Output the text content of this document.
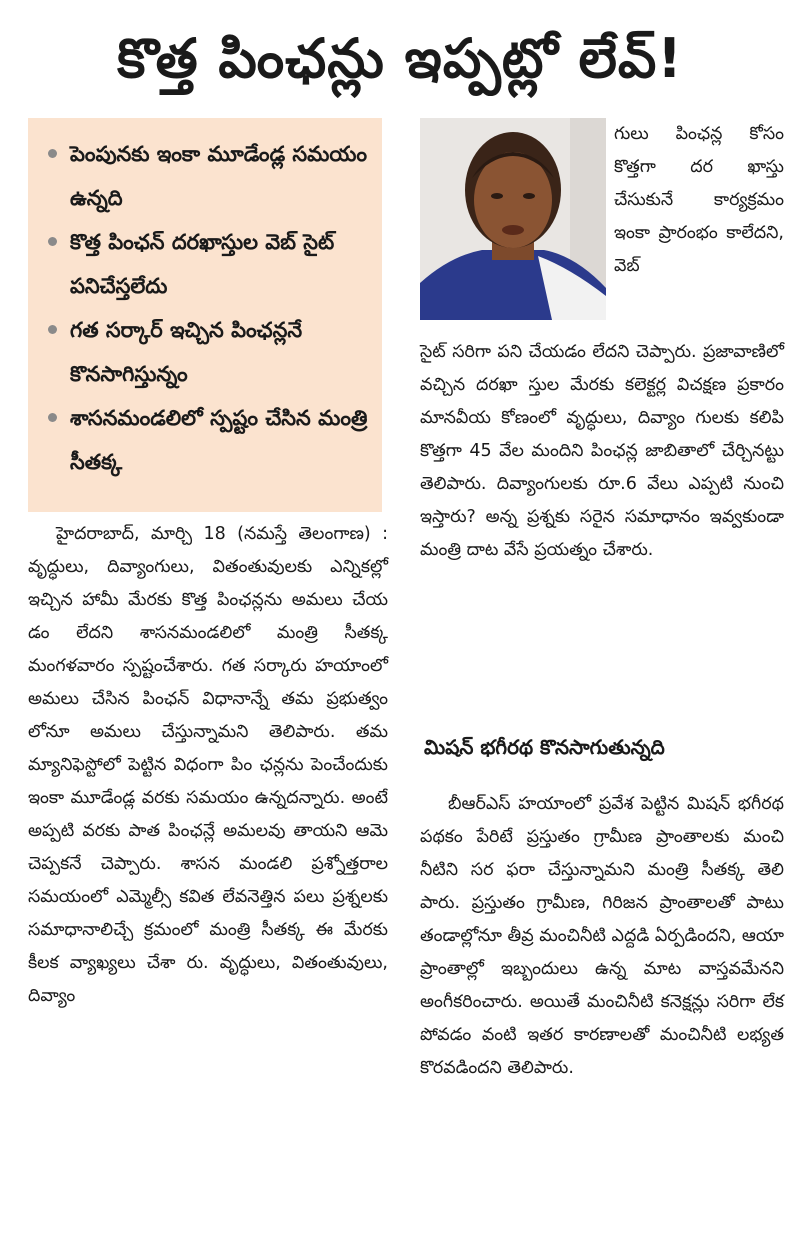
కొత్త పింఛన్లు ఇప్పట్లో లేవ్!
పెంపునకు ఇంకా మూడేండ్ల సమయం ఉన్నది
కొత్త పింఛన్ దరఖాస్తుల వెబ్ సైట్ పనిచేస్తలేదు
గత సర్కార్ ఇచ్చిన పింఛన్లనే కొనసాగిస్తున్నం
శాసనమండలిలో స్పష్టం చేసిన మంత్రి సీతక్క

హైదరాబాద్, మార్చి 18 (నమస్తే తెలంగాణ) : వృద్ధులు, దివ్యాంగులు, వితంతువులకు ఎన్నికల్లో ఇచ్చిన హామీ మేరకు కొత్త పింఛన్లను అమలు చేయ డం లేదని శాసనమండలిలో మంత్రి సీతక్క మంగళవారం స్పష్టంచేశారు. గత సర్కారు హయాంలో అమలు చేసిన పింఛన్ విధానాన్నే తమ ప్రభుత్వం లోనూ అమలు చేస్తున్నామని తెలిపారు. తమ మ్యానిఫెస్టోలో పెట్టిన విధంగా పిం ఛన్లను పెంచేందుకు ఇంకా మూడేండ్ల వరకు సమయం ఉన్నదన్నారు. అంటే అప్పటి వరకు పాత పింఛన్లే అమలవు తాయని ఆమె చెప్పకనే చెప్పారు. శాసన మండలి ప్రశ్నోత్తరాల సమయంలో ఎమ్మెల్సీ కవిత లేవనెత్తిన పలు ప్రశ్నలకు సమాధానాలిచ్చే క్రమంలో మంత్రి సీతక్క ఈ మేరకు కీలక వ్యాఖ్యలు చేశా రు. వృద్ధులు, వితంతువులు, దివ్యాం

గులు పింఛన్ల కోసం కొత్తగా దర ఖాస్తు చేసుకునే కార్యక్రమం ఇంకా ప్రారంభం కాలేదని, వెబ్

సైట్ సరిగా పని చేయడం లేదని చెప్పారు. ప్రజావాణిలో వచ్చిన దరఖా స్తుల మేరకు కలెక్టర్ల విచక్షణ ప్రకారం మానవీయ కోణంలో వృద్ధులు, దివ్యాం గులకు కలిపి కొత్తగా 45 వేల మందిని పింఛన్ల జాబితాలో చేర్చినట్టు తెలిపారు. దివ్యాంగులకు రూ.6 వేలు ఎప్పటి నుంచి ఇస్తారు? అన్న ప్రశ్నకు సరైన సమాధానం ఇవ్వకుండా మంత్రి దాట వేసే ప్రయత్నం చేశారు.

మిషన్ భగీరథ కొనసాగుతున్నది

బీఆర్ఎస్ హయాంలో ప్రవేశ పెట్టిన మిషన్ భగీరథ పథకం పేరిటే ప్రస్తుతం గ్రామీణ ప్రాంతాలకు మంచి నీటిని సర ఫరా చేస్తున్నామని మంత్రి సీతక్క తెలి పారు. ప్రస్తుతం గ్రామీణ, గిరిజన ప్రాంతాలతో పాటు తండాల్లోనూ తీవ్ర మంచినీటి ఎద్దడి ఏర్పడిందని, ఆయా ప్రాంతాల్లో ఇబ్బందులు ఉన్న మాట వాస్తవమేనని అంగీకరించారు. అయితే మంచినీటి కనెక్షన్లు సరిగా లేక పోవడం వంటి ఇతర కారణాలతో మంచినీటి లభ్యత కొరవడిందని తెలిపారు.
